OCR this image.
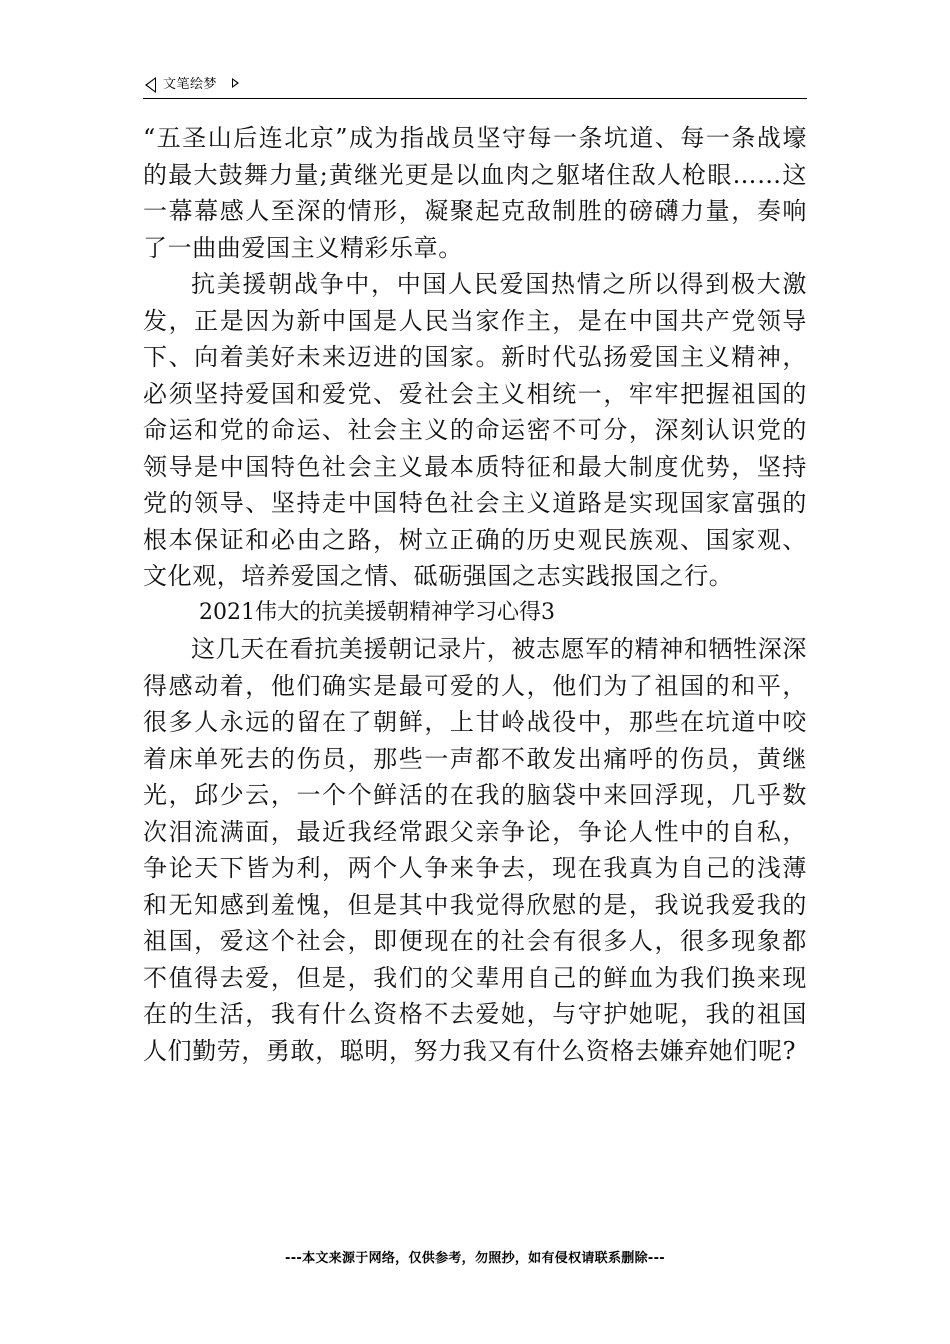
文笔绘梦

“五圣山后连北京”成为指战员坚守每一条坑道、每一条战壕的最大鼓舞力量;黄继光更是以血肉之躯堵住敌人枪眼……这一幕幕感人至深的情形，凝聚起克敌制胜的磅礴力量，奏响了一曲曲爱国主义精彩乐章。

抗美援朝战争中，中国人民爱国热情之所以得到极大激发，正是因为新中国是人民当家作主，是在中国共产党领导下、向着美好未来迈进的国家。新时代弘扬爱国主义精神，必须坚持爱国和爱党、爱社会主义相统一，牢牢把握祖国的命运和党的命运、社会主义的命运密不可分，深刻认识党的领导是中国特色社会主义最本质特征和最大制度优势，坚持党的领导、坚持走中国特色社会主义道路是实现国家富强的根本保证和必由之路，树立正确的历史观民族观、国家观、文化观，培养爱国之情、砥砺强国之志实践报国之行。

2021伟大的抗美援朝精神学习心得3

这几天在看抗美援朝记录片，被志愿军的精神和牺牲深深得感动着，他们确实是最可爱的人，他们为了祖国的和平，很多人永远的留在了朝鲜，上甘岭战役中，那些在坑道中咬着床单死去的伤员，那些一声都不敢发出痛呼的伤员，黄继光，邱少云，一个个鲜活的在我的脑袋中来回浮现，几乎数次泪流满面，最近我经常跟父亲争论，争论人性中的自私，争论天下皆为利，两个人争来争去，现在我真为自己的浅薄和无知感到羞愧，但是其中我觉得欣慰的是，我说我爱我的祖国，爱这个社会，即便现在的社会有很多人，很多现象都不值得去爱，但是，我们的父辈用自己的鲜血为我们换来现在的生活，我有什么资格不去爱她，与守护她呢，我的祖国人们勤劳，勇敢，聪明，努力我又有什么资格去嫌弃她们呢?

---本文来源于网络，仅供参考，勿照抄，如有侵权请联系删除---
